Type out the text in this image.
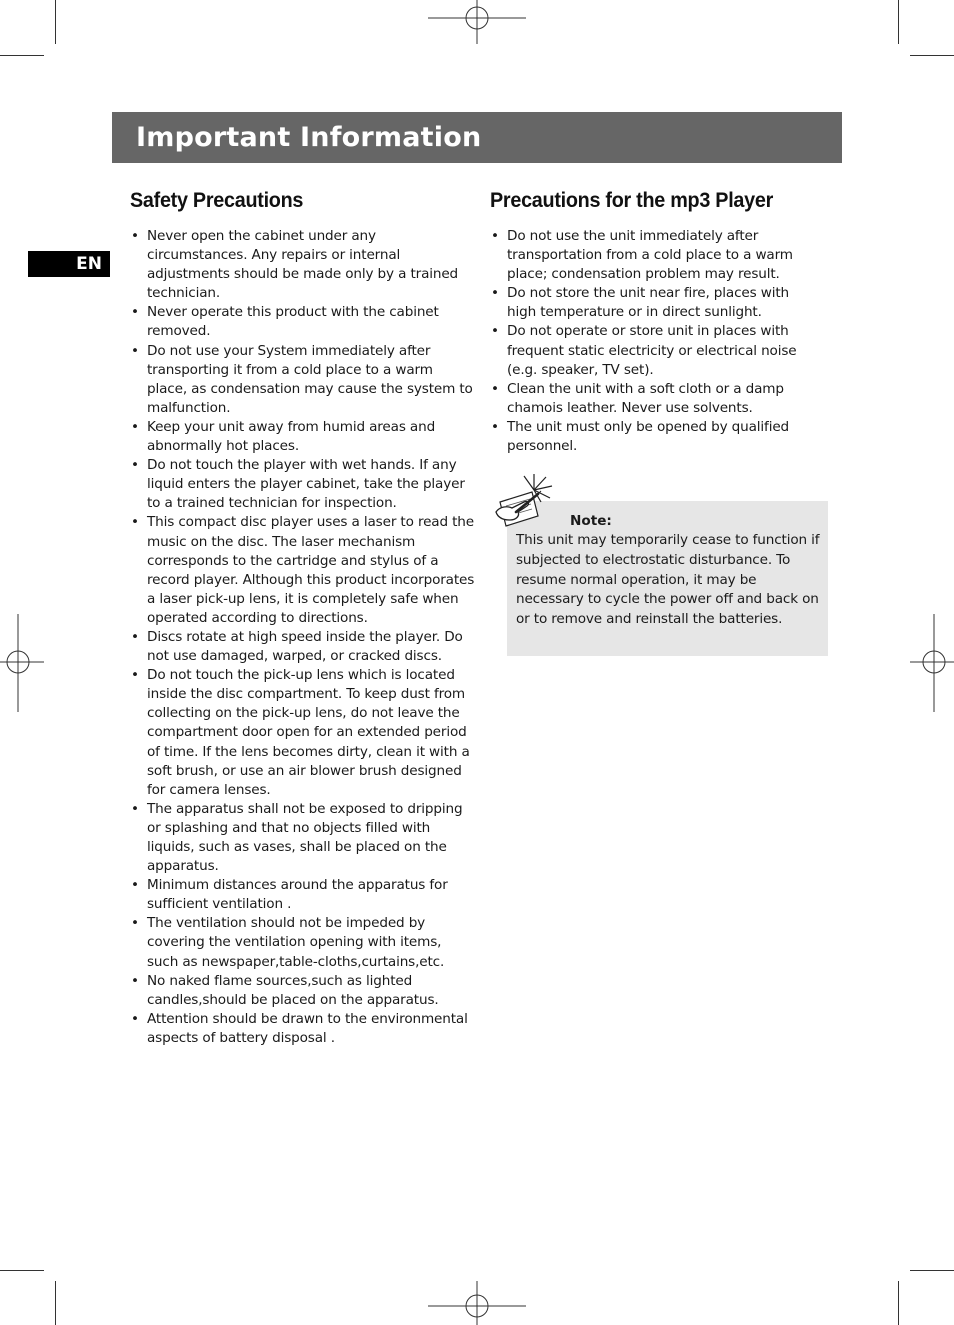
Important Information
EN
Safety Precautions
• Never open the cabinet under any circumstances. Any repairs or internal adjustments should be made only by a trained technician.
• Never operate this product with the cabinet removed.
• Do not use your System immediately after transporting it from a cold place to a warm place, as condensation may cause the system to malfunction.
• Keep your unit away from humid areas and abnormally hot places.
• Do not touch the player with wet hands. If any liquid enters the player cabinet, take the player to a trained technician for inspection.
• This compact disc player uses a laser to read the music on the disc. The laser mechanism corresponds to the cartridge and stylus of a record player. Although this product incorporates a laser pick-up lens, it is completely safe when operated according to directions.
• Discs rotate at high speed inside the player. Do not use damaged, warped, or cracked discs.
• Do not touch the pick-up lens which is located inside the disc compartment. To keep dust from collecting on the pick-up lens, do not leave the compartment door open for an extended period of time. If the lens becomes dirty, clean it with a soft brush, or use an air blower brush designed for camera lenses.
• The apparatus shall not be exposed to dripping or splashing and that no objects filled with liquids, such as vases, shall be placed on the apparatus.
• Minimum distances around the apparatus for sufficient ventilation .
• The ventilation should not be impeded by covering the ventilation opening with items, such as newspaper,table-cloths,curtains,etc.
• No naked flame sources,such as lighted candles,should be placed on the apparatus.
• Attention should be drawn to the environmental aspects of battery disposal .
Precautions for the mp3 Player
• Do not use the unit immediately after transportation from a cold place to a warm place; condensation problem may result.
• Do not store the unit near fire, places with high temperature or in direct sunlight.
• Do not operate or store unit in places with frequent static electricity or electrical noise (e.g. speaker, TV set).
• Clean the unit with a soft cloth or a damp chamois leather. Never use solvents.
• The unit must only be opened by qualified personnel.
Note:
This unit may temporarily cease to function if subjected to electrostatic disturbance. To resume normal operation, it may be necessary to cycle the power off and back on or to remove and reinstall the batteries.
